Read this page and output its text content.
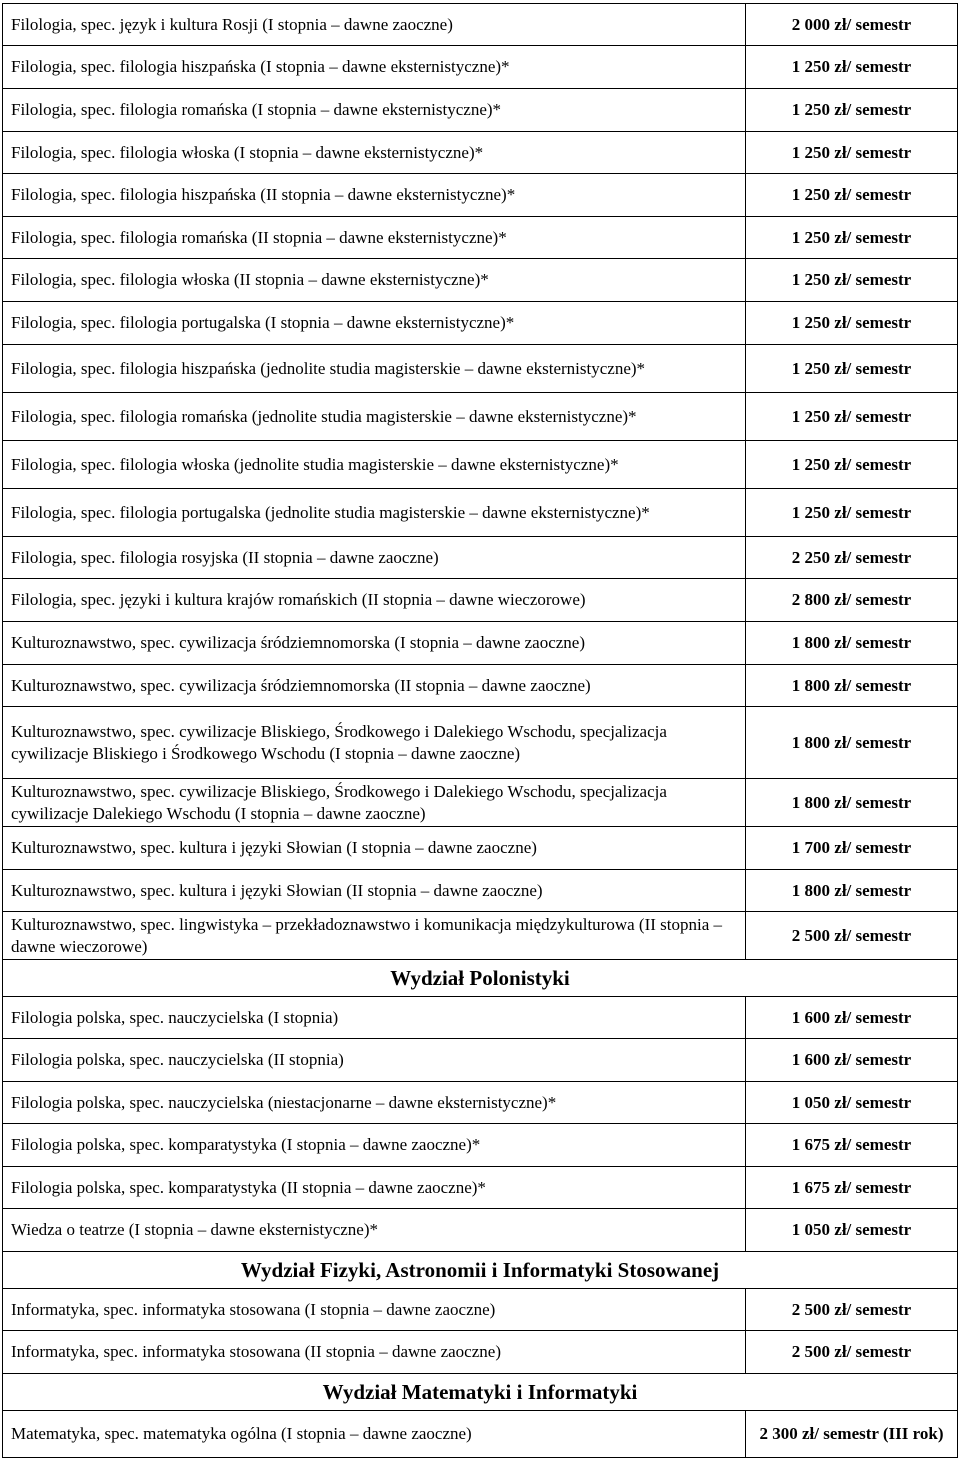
Filologia, spec. język i kultura Rosji (I stopnia – dawne zaoczne)	2 000 zł/ semestr
Filologia, spec. filologia hiszpańska (I stopnia – dawne eksternistyczne)*	1 250 zł/ semestr
Filologia, spec. filologia romańska (I stopnia – dawne eksternistyczne)*	1 250 zł/ semestr
Filologia, spec. filologia włoska (I stopnia – dawne eksternistyczne)*	1 250 zł/ semestr
Filologia, spec. filologia hiszpańska (II stopnia – dawne eksternistyczne)*	1 250 zł/ semestr
Filologia, spec. filologia romańska (II stopnia – dawne eksternistyczne)*	1 250 zł/ semestr
Filologia, spec. filologia włoska (II stopnia – dawne eksternistyczne)*	1 250 zł/ semestr
Filologia, spec. filologia portugalska (I stopnia – dawne eksternistyczne)*	1 250 zł/ semestr
Filologia, spec. filologia hiszpańska (jednolite studia magisterskie – dawne eksternistyczne)*	1 250 zł/ semestr
Filologia, spec. filologia romańska (jednolite studia magisterskie – dawne eksternistyczne)*	1 250 zł/ semestr
Filologia, spec. filologia włoska (jednolite studia magisterskie – dawne eksternistyczne)*	1 250 zł/ semestr
Filologia, spec. filologia portugalska (jednolite studia magisterskie – dawne eksternistyczne)*	1 250 zł/ semestr
Filologia, spec. filologia rosyjska (II stopnia – dawne zaoczne)	2 250 zł/ semestr
Filologia, spec. języki i kultura krajów romańskich (II stopnia – dawne wieczorowe)	2 800 zł/ semestr
Kulturoznawstwo, spec. cywilizacja śródziemnomorska (I stopnia – dawne zaoczne)	1 800 zł/ semestr
Kulturoznawstwo, spec. cywilizacja śródziemnomorska (II stopnia – dawne zaoczne)	1 800 zł/ semestr
Kulturoznawstwo, spec. cywilizacje Bliskiego, Środkowego i Dalekiego Wschodu, specjalizacja cywilizacje Bliskiego i Środkowego Wschodu (I stopnia – dawne zaoczne)	1 800 zł/ semestr
Kulturoznawstwo, spec. cywilizacje Bliskiego, Środkowego i Dalekiego Wschodu, specjalizacja cywilizacje Dalekiego Wschodu (I stopnia – dawne zaoczne)	1 800 zł/ semestr
Kulturoznawstwo, spec. kultura i języki Słowian (I stopnia – dawne zaoczne)	1 700 zł/ semestr
Kulturoznawstwo, spec. kultura i języki Słowian (II stopnia – dawne zaoczne)	1 800 zł/ semestr
Kulturoznawstwo, spec. lingwistyka – przekładoznawstwo i komunikacja międzykulturowa (II stopnia – dawne wieczorowe)	2 500 zł/ semestr
Wydział Polonistyki	
Filologia polska, spec. nauczycielska (I stopnia)	1 600 zł/ semestr
Filologia polska, spec. nauczycielska (II stopnia)	1 600 zł/ semestr
Filologia polska, spec. nauczycielska (niestacjonarne – dawne eksternistyczne)*	1 050 zł/ semestr
Filologia polska, spec. komparatystyka (I stopnia – dawne zaoczne)*	1 675 zł/ semestr
Filologia polska, spec. komparatystyka (II stopnia – dawne zaoczne)*	1 675 zł/ semestr
Wiedza o teatrze (I stopnia – dawne eksternistyczne)*	1 050 zł/ semestr
Wydział Fizyki, Astronomii i Informatyki Stosowanej	
Informatyka, spec. informatyka stosowana (I stopnia – dawne zaoczne)	2 500 zł/ semestr
Informatyka, spec. informatyka stosowana (II stopnia – dawne zaoczne)	2 500 zł/ semestr
Wydział Matematyki i Informatyki	
Matematyka, spec. matematyka ogólna (I stopnia – dawne zaoczne)	2 300 zł/ semestr (III rok)
